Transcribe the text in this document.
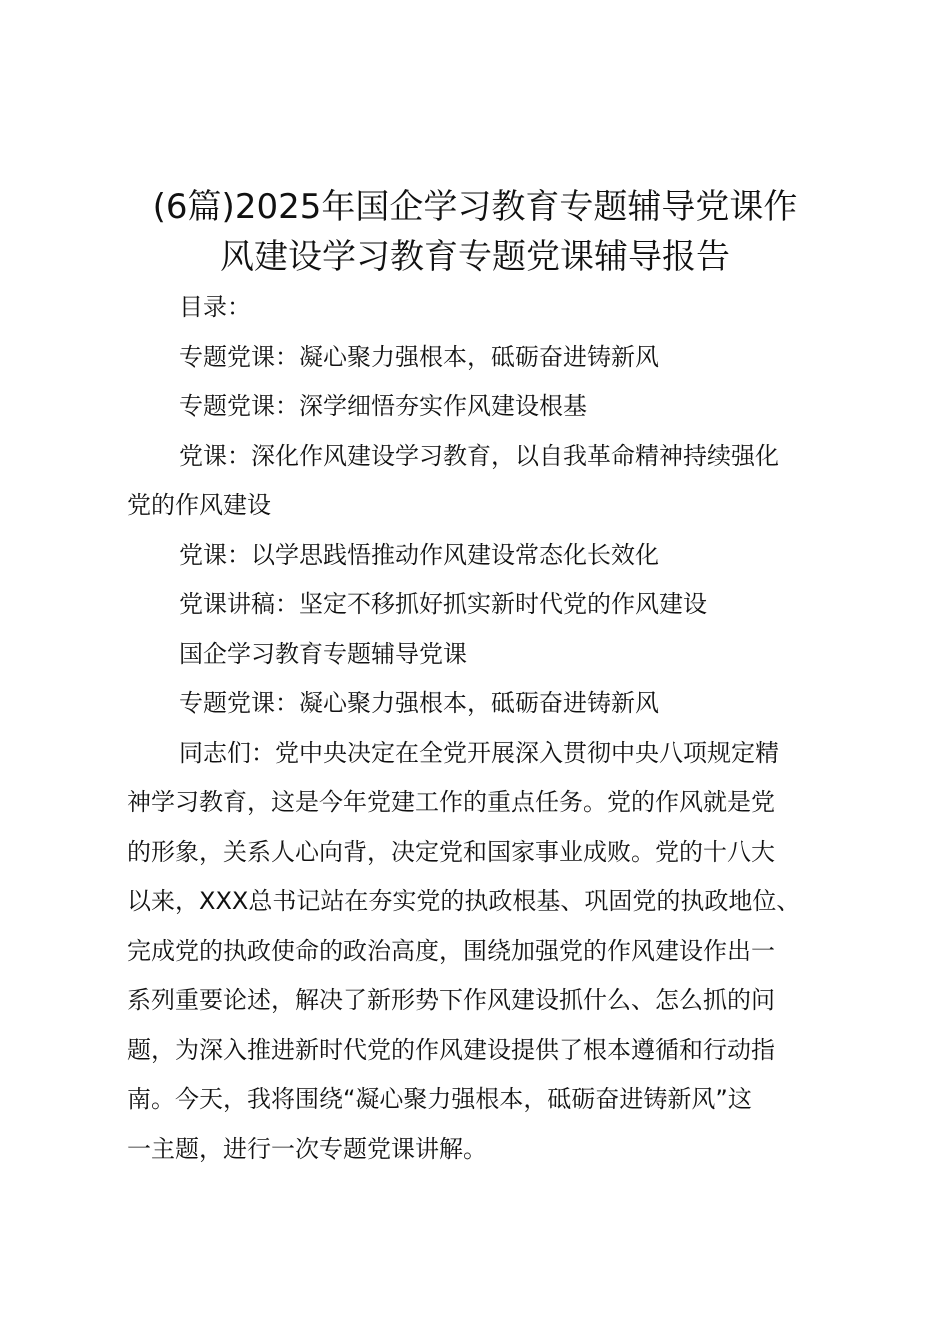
(6篇)2025年国企学习教育专题辅导党课作
风建设学习教育专题党课辅导报告

目录：

专题党课：凝心聚力强根本，砥砺奋进铸新风

专题党课：深学细悟夯实作风建设根基

党课：深化作风建设学习教育，以自我革命精神持续强化

党的作风建设

党课：以学思践悟推动作风建设常态化长效化

党课讲稿：坚定不移抓好抓实新时代党的作风建设

国企学习教育专题辅导党课

专题党课：凝心聚力强根本，砥砺奋进铸新风

同志们：党中央决定在全党开展深入贯彻中央八项规定精

神学习教育，这是今年党建工作的重点任务。党的作风就是党

的形象，关系人心向背，决定党和国家事业成败。党的十八大

以来，XXX总书记站在夯实党的执政根基、巩固党的执政地位、

完成党的执政使命的政治高度，围绕加强党的作风建设作出一

系列重要论述，解决了新形势下作风建设抓什么、怎么抓的问

题，为深入推进新时代党的作风建设提供了根本遵循和行动指

南。今天，我将围绕“凝心聚力强根本，砥砺奋进铸新风”这

一主题，进行一次专题党课讲解。
